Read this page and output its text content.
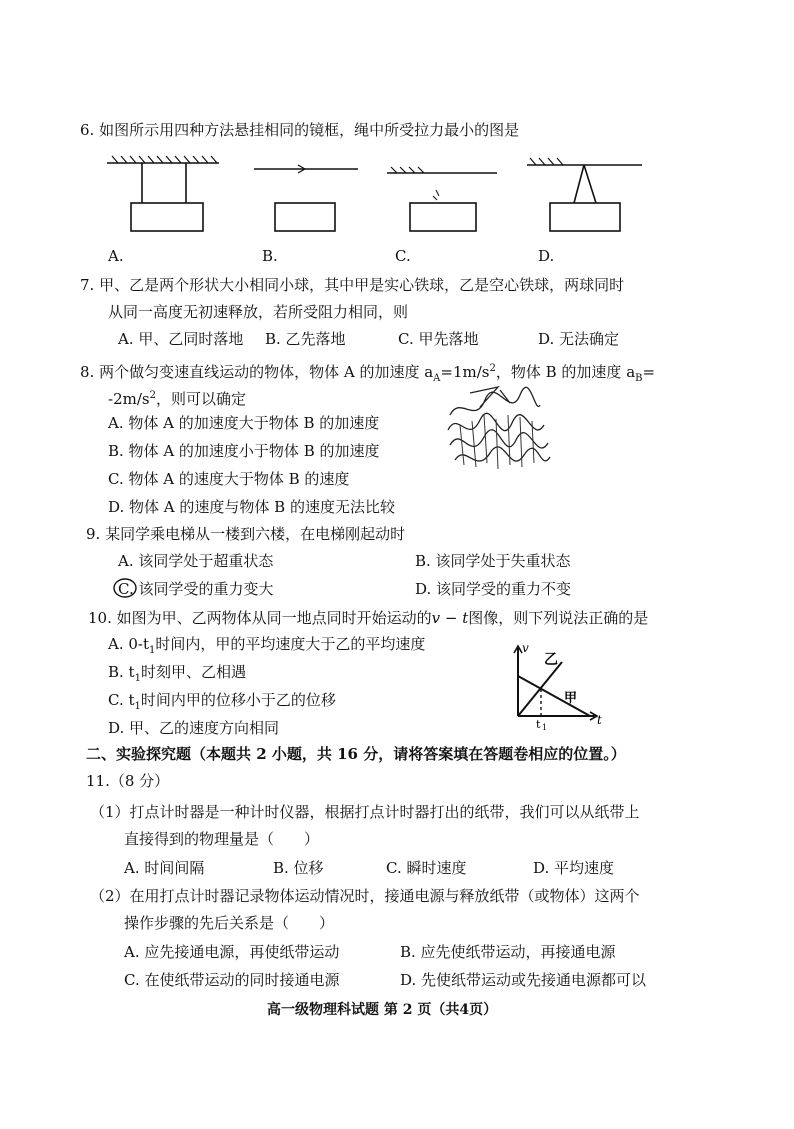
6. 如图所示用四种方法悬挂相同的镜框，绳中所受拉力最小的图是
A.	B.	C.	D.
7. 甲、乙是两个形状大小相同小球，其中甲是实心铁球，乙是空心铁球，两球同时
从同一高度无初速释放，若所受阻力相同，则
A. 甲、乙同时落地 B. 乙先落地	C. 甲先落地	D. 无法确定
8. 两个做匀变速直线运动的物体，物体 A 的加速度 $a_A=1m/s^2$，物体 B 的加速度 $a_B=$
$-2m/s^2$，则可以确定
A. 物体 A 的加速度大于物体 B 的加速度
B. 物体 A 的加速度小于物体 B 的加速度
C. 物体 A 的速度大于物体 B 的速度
D. 物体 A 的速度与物体 B 的速度无法比较
9. 某同学乘电梯从一楼到六楼，在电梯刚起动时
A. 该同学处于超重状态	B. 该同学处于失重状态
C. 该同学受的重力变大	D. 该同学受的重力不变
10. 如图为甲、乙两物体从同一地点同时开始运动的v − t图像，则下列说法正确的是
A. $0-t_1$时间内，甲的平均速度大于乙的平均速度
B. $t_1$时刻甲、乙相遇
C. $t_1$时间内甲的位移小于乙的位移
D. 甲、乙的速度方向相同
v
t
t 1
甲
乙
二、实验探究题（本题共 2 小题，共 16 分，请将答案填在答题卷相应的位置。）
11.（8 分）
（1）打点计时器是一种计时仪器，根据打点计时器打出的纸带，我们可以从纸带上
直接得到的物理量是（　　）
A. 时间间隔	B. 位移	C. 瞬时速度	D. 平均速度
（2）在用打点计时器记录物体运动情况时，接通电源与释放纸带（或物体）这两个
操作步骤的先后关系是（　　）
A. 应先接通电源，再使纸带运动	B. 应先使纸带运动，再接通电源
C. 在使纸带运动的同时接通电源	D. 先使纸带运动或先接通电源都可以
高一级物理科试题 第 2 页（共4页）
